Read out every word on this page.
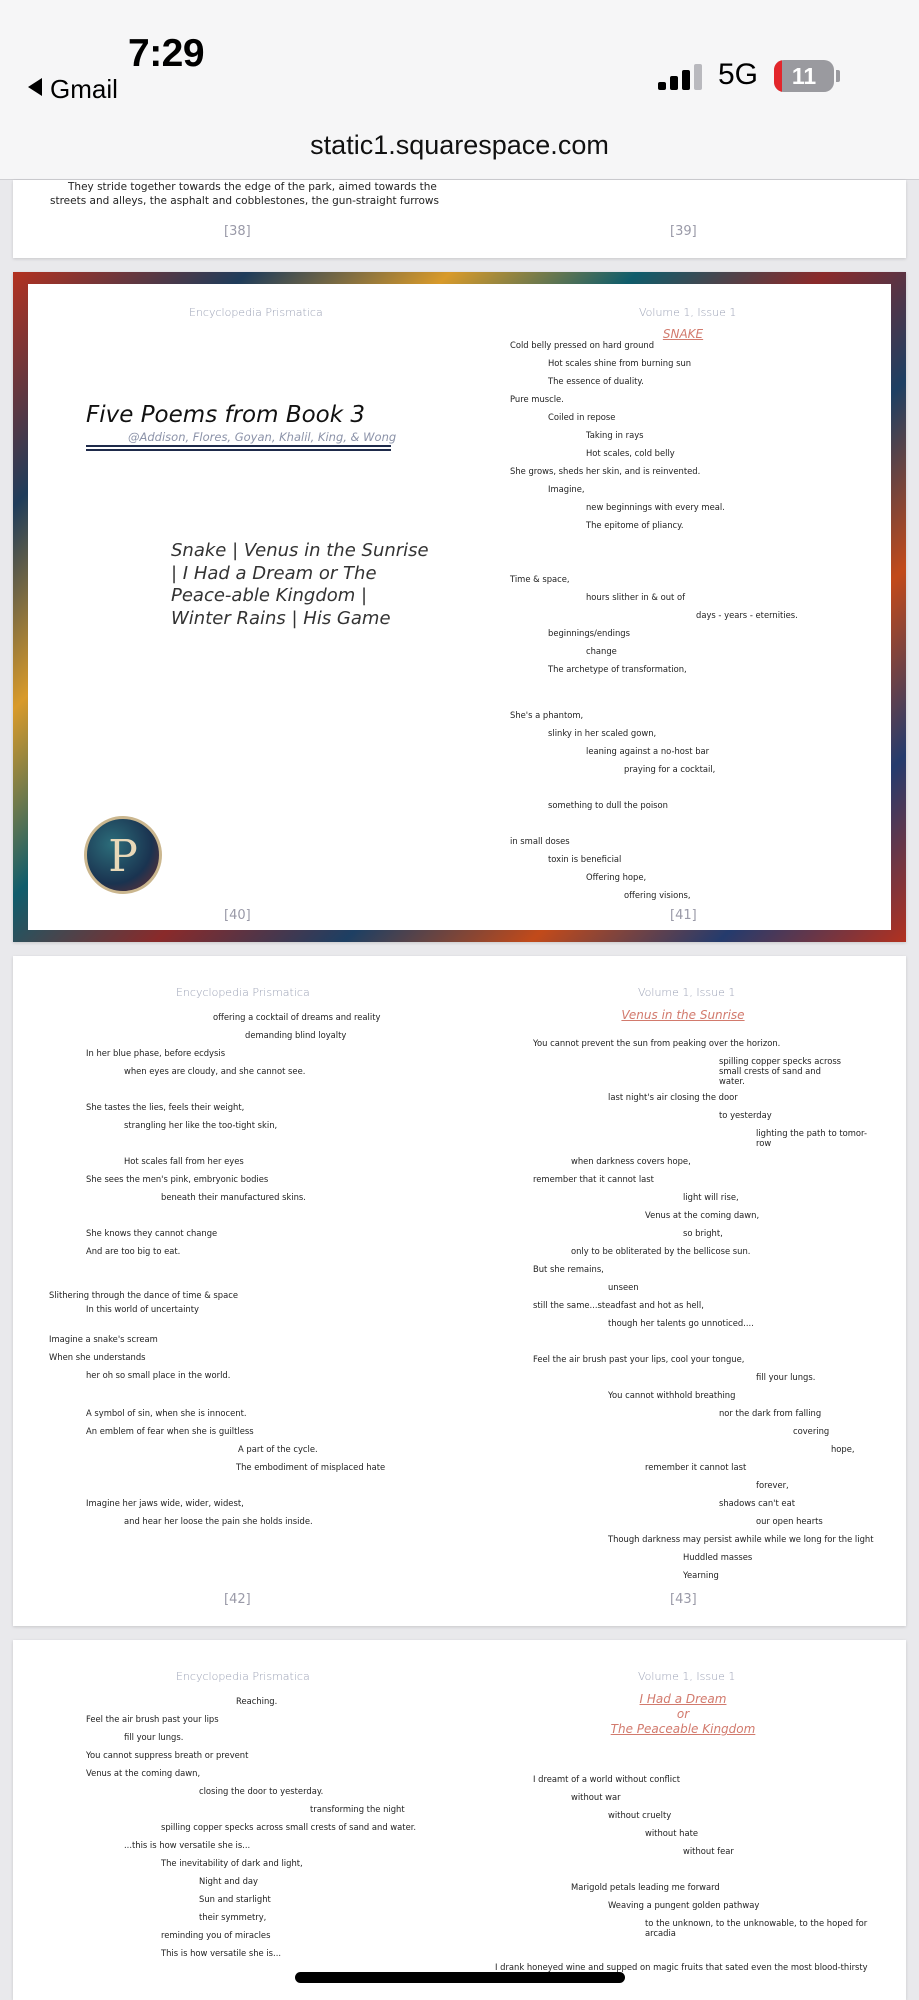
7:29
Gmail	5G	11
static1.squarespace.com
They stride together towards the edge of the park, aimed towards the
streets and alleys, the asphalt and cobblestones, the gun-straight furrows
[38]	[39]
Encyclopedia Prismatica	Volume 1, Issue 1
Five Poems from Book 3
@Addison, Flores, Goyan, Khalil, King, & Wong
Snake | Venus in the Sunrise | I Had a Dream or The Peace-able Kingdom | Winter Rains | His Game
P
SNAKE
Cold belly pressed on hard ground
Hot scales shine from burning sun
The essence of duality.
Pure muscle.
Coiled in repose
Taking in rays
Hot scales, cold belly
She grows, sheds her skin, and is reinvented.
Imagine,
new beginnings with every meal.
The epitome of pliancy.
Time & space,
hours slither in & out of
days - years - eternities.
beginnings/endings
change
The archetype of transformation,
She's a phantom,
slinky in her scaled gown,
leaning against a no-host bar
praying for a cocktail,
something to dull the poison
in small doses
toxin is beneficial
Offering hope,
offering visions,
[40]	[41]
Encyclopedia Prismatica	Volume 1, Issue 1
offering a cocktail of dreams and reality
demanding blind loyalty
In her blue phase, before ecdysis
when eyes are cloudy, and she cannot see.
She tastes the lies, feels their weight,
strangling her like the too-tight skin,
Hot scales fall from her eyes
She sees the men's pink, embryonic bodies
beneath their manufactured skins.
She knows they cannot change
And are too big to eat.
Slithering through the dance of time & space
In this world of uncertainty
Imagine a snake's scream
When she understands
her oh so small place in the world.
A symbol of sin, when she is innocent.
An emblem of fear when she is guiltless
A part of the cycle.
The embodiment of misplaced hate
Imagine her jaws wide, wider, widest,
and hear her loose the pain she holds inside.
Venus in the Sunrise
You cannot prevent the sun from peaking over the horizon.
spilling copper specks across small crests of sand and water.
last night's air closing the door
to yesterday
lighting the path to tomor-row
when darkness covers hope,
remember that it cannot last
light will rise,
Venus at the coming dawn,
so bright,
only to be obliterated by the bellicose sun.
But she remains,
unseen
still the same...steadfast and hot as hell,
though her talents go unnoticed....
Feel the air brush past your lips, cool your tongue,
fill your lungs.
You cannot withhold breathing
nor the dark from falling
covering
hope,
remember it cannot last
forever,
shadows can't eat
our open hearts
Though darkness may persist awhile while we long for the light
Huddled masses
Yearning
[42]	[43]
Encyclopedia Prismatica	Volume 1, Issue 1
Reaching.
Feel the air brush past your lips
fill your lungs.
You cannot suppress breath or prevent
Venus at the coming dawn,
closing the door to yesterday.
transforming the night
spilling copper specks across small crests of sand and water.
...this is how versatile she is...
The inevitability of dark and light,
Night and day
Sun and starlight
their symmetry,
reminding you of miracles
This is how versatile she is...
I Had a Dream
or
The Peaceable Kingdom
I dreamt of a world without conflict
without war
without cruelty
without hate
without fear
Marigold petals leading me forward
Weaving a pungent golden pathway
to the unknown, to the unknowable, to the hoped for arcadia
I drank honeyed wine and supped on magic fruits that sated even the most blood-thirsty
